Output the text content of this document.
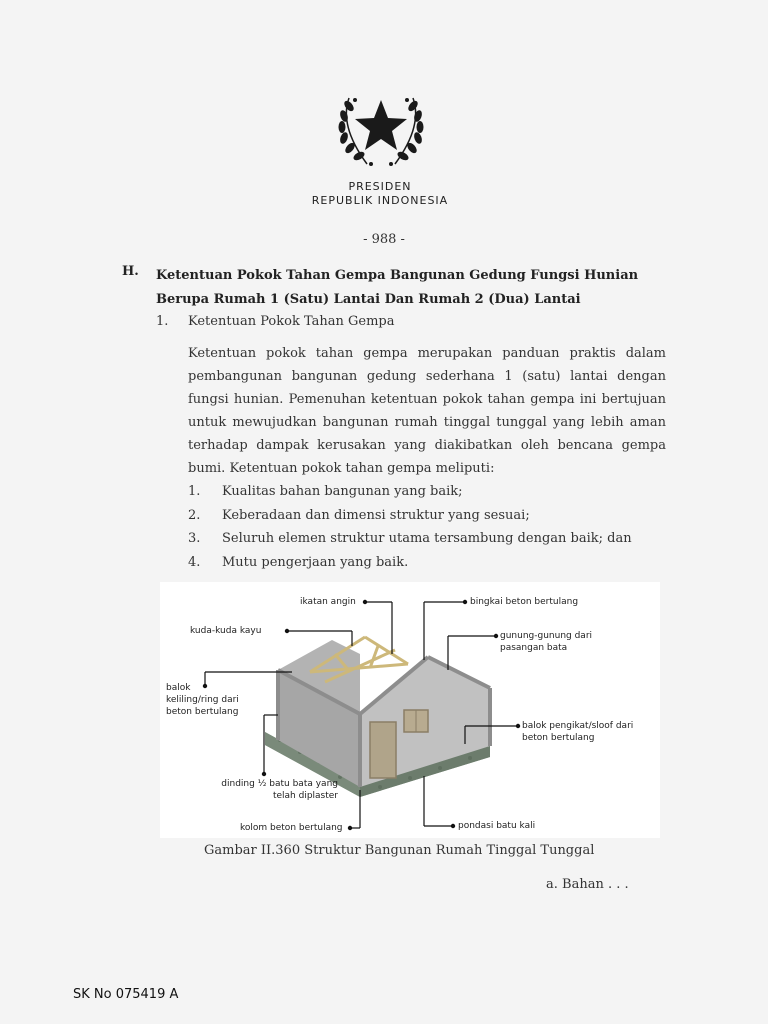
PRESIDEN
REPUBLIK INDONESIA
- 988 -
H. Ketentuan Pokok Tahan Gempa Bangunan Gedung Fungsi Hunian Berupa Rumah 1 (Satu) Lantai Dan Rumah 2 (Dua) Lantai
1. Ketentuan Pokok Tahan Gempa
Ketentuan pokok tahan gempa merupakan panduan praktis dalam pembangunan bangunan gedung sederhana 1 (satu) lantai dengan fungsi hunian. Pemenuhan ketentuan pokok tahan gempa ini bertujuan untuk mewujudkan bangunan rumah tinggal tunggal yang lebih aman terhadap dampak kerusakan yang diakibatkan oleh bencana gempa bumi. Ketentuan pokok tahan gempa meliputi:
1. Kualitas bahan bangunan yang baik;
2. Keberadaan dan dimensi struktur yang sesuai;
3. Seluruh elemen struktur utama tersambung dengan baik; dan
4. Mutu pengerjaan yang baik.
ikatan angin	bingkai beton bertulang
kuda-kuda kayu	gunung-gunung dari
pasangan bata
balok
keliling/ring dari
beton bertulang
balok pengikat/sloof dari
beton bertulang
dinding ½ batu bata yang
telah diplaster
kolom beton bertulang	pondasi batu kali
Gambar II.360 Struktur Bangunan Rumah Tinggal Tunggal
a. Bahan . . .
SK No 075419 A
